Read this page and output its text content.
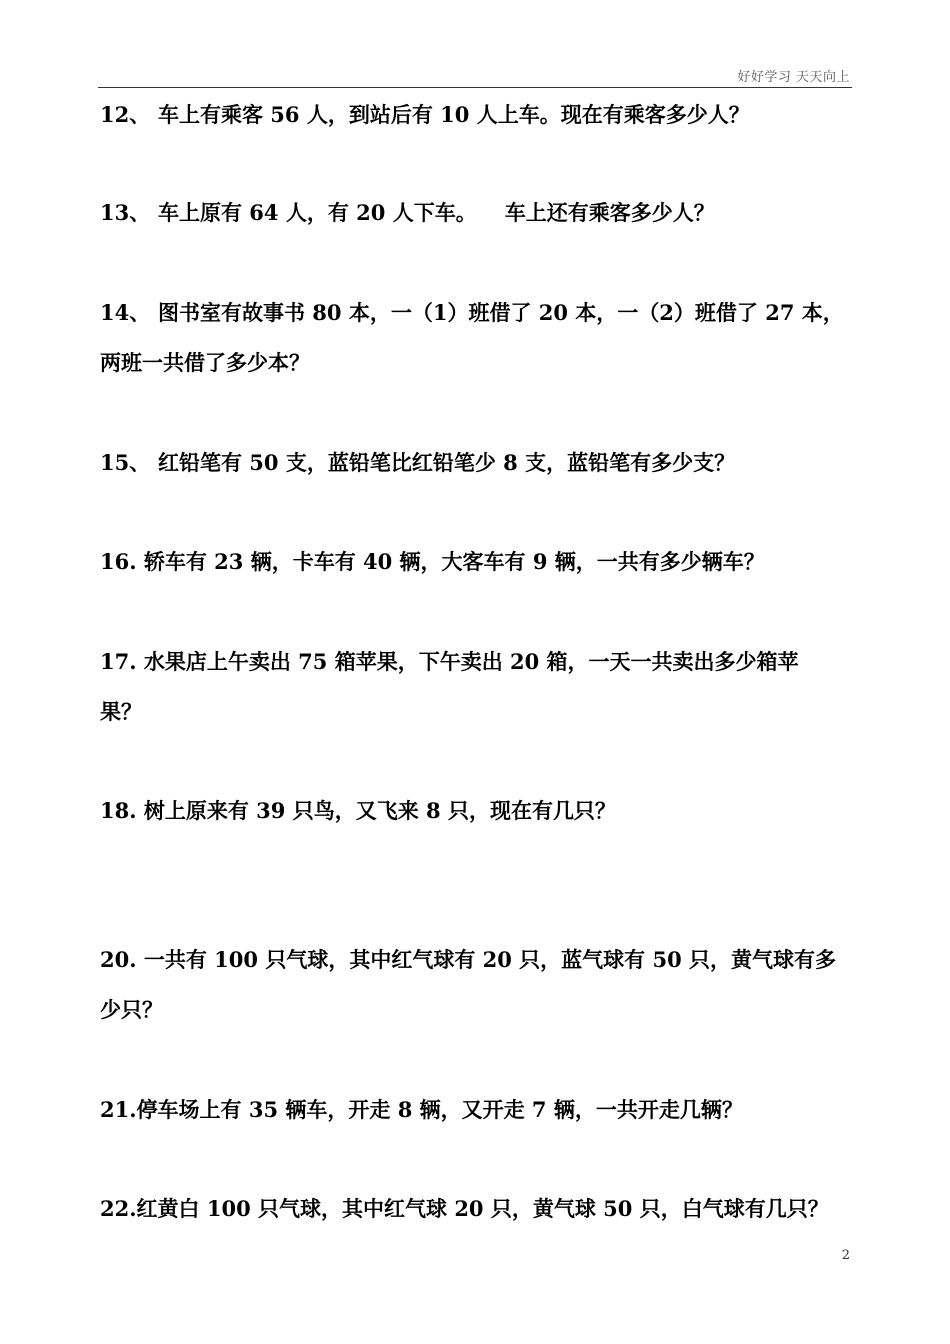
好好学习 天天向上
12、 车上有乘客 56 人，到站后有 10 人上车。现在有乘客多少人？
13、 车上原有 64 人，有 20 人下车。 车上还有乘客多少人？
14、 图书室有故事书 80 本，一（1）班借了 20 本，一（2）班借了 27 本，
两班一共借了多少本？
15、 红铅笔有 50 支，蓝铅笔比红铅笔少 8 支，蓝铅笔有多少支？
16. 轿车有 23 辆，卡车有 40 辆，大客车有 9 辆，一共有多少辆车？
17. 水果店上午卖出 75 箱苹果，下午卖出 20 箱，一天一共卖出多少箱苹
果？
18. 树上原来有 39 只鸟，又飞来 8 只，现在有几只？
20. 一共有 100 只气球，其中红气球有 20 只，蓝气球有 50 只，黄气球有多
少只？
21.停车场上有 35 辆车，开走 8 辆，又开走 7 辆，一共开走几辆？
22.红黄白 100 只气球，其中红气球 20 只，黄气球 50 只，白气球有几只？
2
